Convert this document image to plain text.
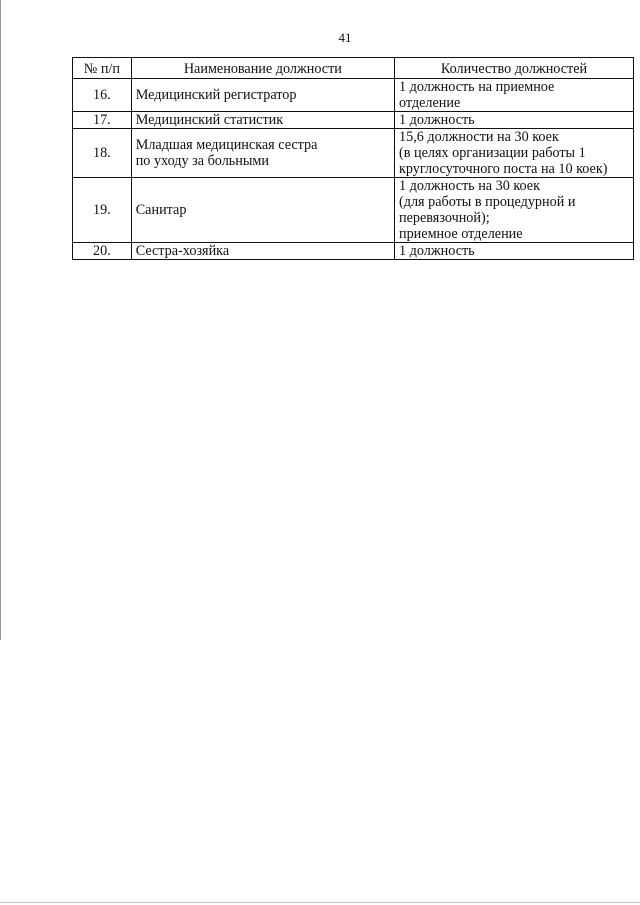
41
№ п/п	Наименование должности	Количество должностей
16.	Медицинский регистратор	1 должность на приемное
отделение

17.	Медицинский статистик	1 должность

18.	Младшая медицинская сестра
по уходу за больными	15,6 должности на 30 коек
(в целях организации работы 1
круглосуточного поста на 10 коек)

19.	Санитар	1 должность на 30 коек
(для работы в процедурной и
перевязочной);
приемное отделение

20.	Сестра-хозяйка	1 должность
